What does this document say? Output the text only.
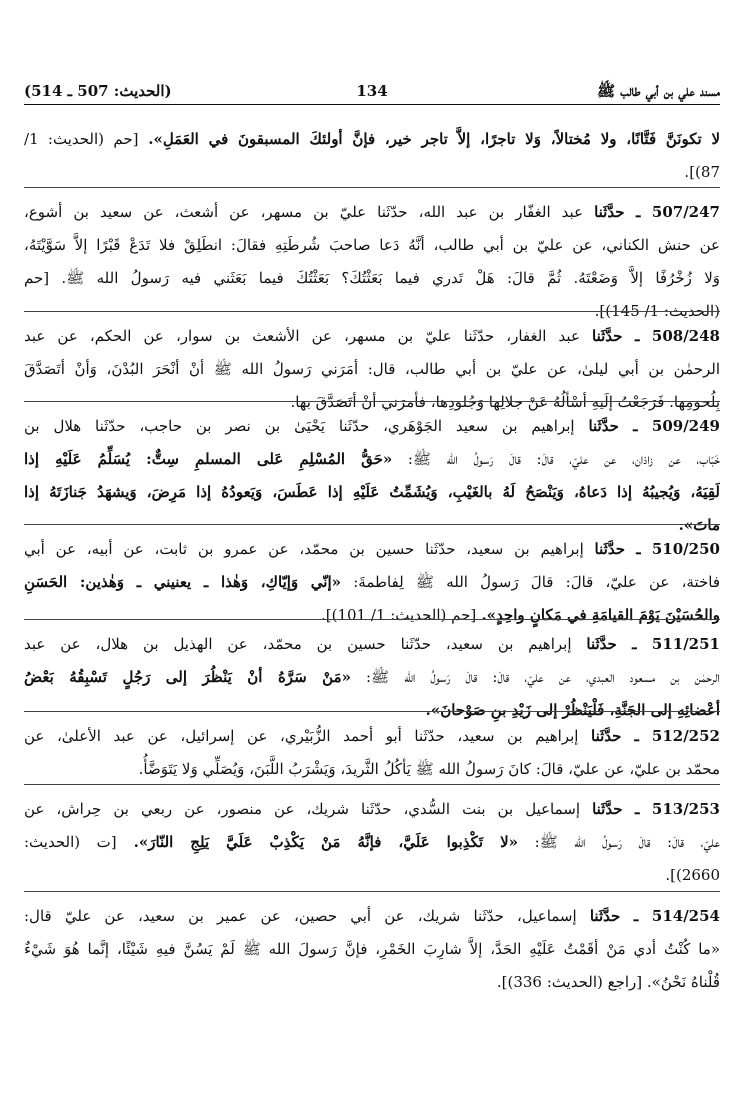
مسند علي بن أبي طالب ﷺ
134
(الحديث: 507 ـ 514)
لا تكونَنَّ فَتَّانًا، ولا مُختالاً، وَلا تاجرًا، إلاَّ تاجر خير، فإنَّ أولئكَ المسبقونَ في العَمَلِ». [حم (الحديث: 1/
87)].
507/247 ـ حدَّثَنا عبد الغفّار بن عبد الله، حدّثَنا عليّ بن مسهر، عن أشعث، عن سعيد بن أشوع،
عن حنش الكناني، عن عليّ بن أبي طالب، أنَّهُ دَعا صاحبَ شُرطَتِهِ فقالَ: انطَلِقْ فلا تَدَعْ قَبْرًا إلاَّ سَوَّيْتَهُ،
وَلا زُخْرُفًا إلاَّ وَضَعْتَهُ. ثُمَّ قالَ: هَلْ تَدري فيما بَعَثْتُكَ؟ بَعَثْتُكَ فيما بَعَثَني فيه رَسولُ الله ﷺ. [حم
(الحديث: 1/ 145)].
508/248 ـ حدَّثَنا عبد الغفار، حدّثَنا عليّ بن مسهر، عن الأشعث بن سوار، عن الحكم، عن عبد
الرحمٰن بن أبي ليلىٰ، عن عليّ بن أبي طالب، قال: أمَرَني رَسولُ الله ﷺ أنْ أنْحَرَ البُدْنَ، وَأنْ أتَصَدَّقَ
بِلُحومِها. فَرَجَعْتُ إلَيهِ أسْألُهُ عَنْ جلالِها وَجُلودِها، فأمرَني أنْ أتَصَدَّقَ بها.
509/249 ـ حدَّثَنا إبراهيم بن سعيد الجَوْهَري، حدّثَنا يَحْيَىٰ بن نصر بن حاجب، حدّثَنا هلال بن
خَبّاب، عن زاذان، عن عليّ، قالَ: قالَ رَسولُ الله ﷺ: «حَقُّ المُسْلِمِ عَلى المسلمِ سِتٌّ: يُسَلِّمُ عَلَيْهِ إذا
لَقِيَهُ، وَيُجيبُهُ إذا دَعاهُ، وَيَنْصَحُ لَهُ بالغَيْبِ، وَيُشَمِّتُ عَلَيْهِ إذا عَطَسَ، وَيَعودُهُ إذا مَرِضَ، وَيشهَدُ جَنازَتَهُ إذا
ماتَ».
510/250 ـ حدَّثَنا إبراهيم بن سعيد، حدّثَنا حسين بن محمّد، عن عمرو بن ثابت، عن أبيه، عن أبي
فاختة، عن عليّ، قالَ: قالَ رَسولُ الله ﷺ لِفاطمةَ: «إنّي وَإيّاكِ، وَهٰذا ـ يعنيني ـ وَهٰذين: الحَسَنِ
والحُسَيْنَ يَوْمَ القيامَةِ في مَكانٍ واحِدٍ». [حم (الحديث: 1/ 101)].
511/251 ـ حدَّثَنا إبراهيم بن سعيد، حدّثَنا حسين بن محمّد، عن الهذيل بن هلال، عن عبد
الرحمٰن بن مسعود العبدي، عن عليّ، قالَ: قالَ رَسولُ الله ﷺ: «مَنْ سَرَّهُ أنْ يَنْظُرَ إلى رَجُلٍ تَسْبِقُهُ بَعْضُ
أعْضائِهِ إلى الجَنَّةِ، فَلْيَنْظُرْ إلى زَيْدِ بنِ صَوْحانَ».
512/252 ـ حدَّثَنا إبراهيم بن سعيد، حدّثَنا أبو أحمد الزُّبَيْري، عن إسرائيل، عن عبد الأعلىٰ، عن
محمّد بن عليّ، عن عليّ، قالَ: كانَ رَسولُ الله ﷺ يَأكُلُ الثَّريدَ، وَيَشْرَبُ اللَّبَنَ، وَيُصَلِّي وَلا يَتَوَضَّأُ.
513/253 ـ حدَّثَنا إسماعيل بن بنت السُّدي، حدّثَنا شريك، عن منصور، عن ربعي بن حِراش، عن
عليّ، قالَ: قالَ رَسولُ الله ﷺ: «لا تَكْذِبوا عَلَيَّ، فإنَّهُ مَنْ يَكْذِبْ عَلَيَّ يَلِجِ النّارَ». [ت (الحديث:
2660)].
514/254 ـ حدَّثَنا إسماعيل، حدّثَنا شريك، عن أبي حصين، عن عمير بن سعيد، عن عليّ قال:
«ما كُنْتُ أدي مَنْ أقَمْتُ عَلَيْهِ الحَدَّ، إلاَّ شارِبَ الخَمْرِ، فإنَّ رَسولَ الله ﷺ لَمْ يَسُنَّ فيهِ شَيْئًا، إنَّما هُوَ شَيْءٌ
قُلْناهُ نَحْنُ». [راجع (الحديث: 336)].
